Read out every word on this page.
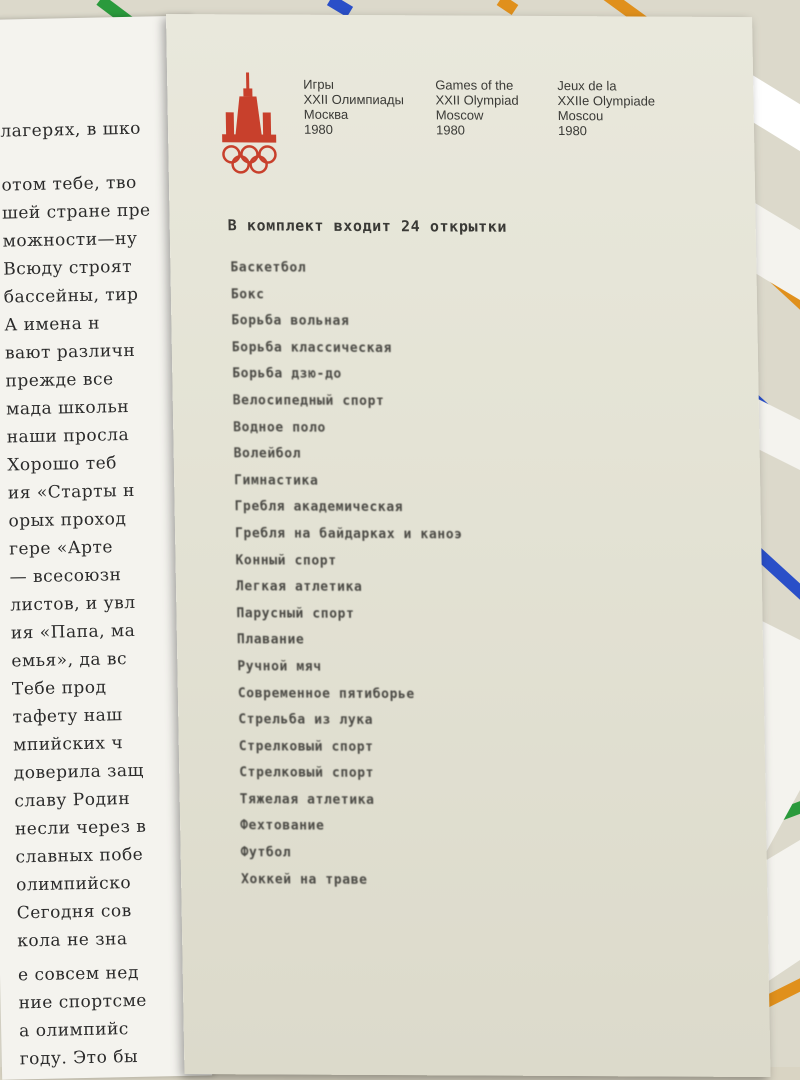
лагерях, в шко
отом тебе, тво
шей стране пре
можности—ну
Всюду строят
бассейны, тир
А имена н
вают различн
прежде все
мада школьн
наши просла
Хорошо теб
ия «Старты н
орых проход
гере «Арте
— всесоюзн
листов, и увл
ия «Папа, ма
емья», да вс
Тебе прод
тафету наш
мпийских ч
доверила защ
славу Родин
несли через в
славных побе
олимпийско
Сегодня сов
кола не зна
е совсем нед
ние спортсме
а олимпийс
году. Это бы
Игры
XXII Олимпиады
Москва
1980
Games of the
XXII Olympiad
Moscow
1980
Jeux de la
XXIIe Olympiade
Moscou
1980
В комплект входит 24 открытки
Баскетбол
Бокс
Борьба вольная
Борьба классическая
Борьба дзю-до
Велосипедный спорт
Водное поло
Волейбол
Гимнастика
Гребля академическая
Гребля на байдарках и каноэ
Конный спорт
Легкая атлетика
Парусный спорт
Плавание
Ручной мяч
Современное пятиборье
Стрельба из лука
Стрелковый спорт
Стрелковый спорт
Тяжелая атлетика
Фехтование
Футбол
Хоккей на траве
